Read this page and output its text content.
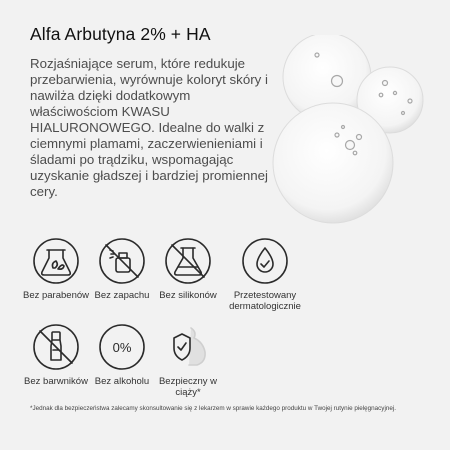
Alfa Arbutyna 2% + HA
Rozjaśniające serum, które redukuje przebarwienia, wyrównuje koloryt skóry i nawilża dzięki dodatkowym właściwościom KWASU HIALURONOWEGO. Idealne do walki z ciemnymi plamami, zaczerwienieniami i śladami po trądziku, wspomagając uzyskanie gładszej i bardziej promiennej cery.
Bez parabenów Bez zapachu	Bez silikonów	Przetestowany dermatologicznie
Bez barwników
0%
Bez alkoholu	Bezpieczny w ciąży*
*Jednak dla bezpieczeństwa zalecamy skonsultowanie się z lekarzem w sprawie każdego produktu w Twojej rutynie pielęgnacyjnej.
